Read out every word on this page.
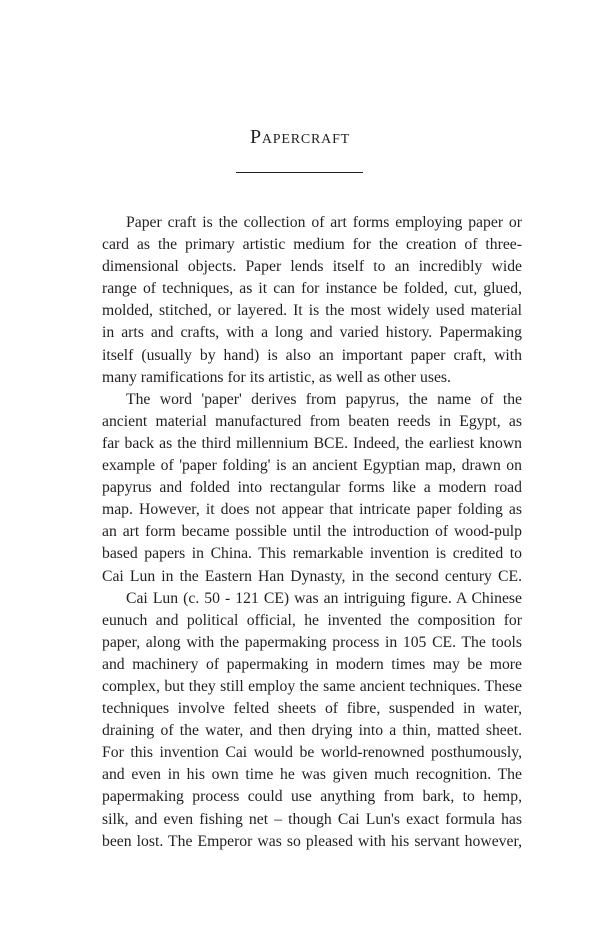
Papercraft
Paper craft is the collection of art forms employing paper or
card as the primary artistic medium for the creation of three-
dimensional objects. Paper lends itself to an incredibly wide
range of techniques, as it can for instance be folded, cut, glued,
molded, stitched, or layered. It is the most widely used material
in arts and crafts, with a long and varied history. Papermaking
itself (usually by hand) is also an important paper craft, with
many ramifications for its artistic, as well as other uses.
The word 'paper' derives from papyrus, the name of the
ancient material manufactured from beaten reeds in Egypt, as
far back as the third millennium BCE. Indeed, the earliest known
example of 'paper folding' is an ancient Egyptian map, drawn on
papyrus and folded into rectangular forms like a modern road
map. However, it does not appear that intricate paper folding as
an art form became possible until the introduction of wood-pulp
based papers in China. This remarkable invention is credited to
Cai Lun in the Eastern Han Dynasty, in the second century CE.
Cai Lun (c. 50 - 121 CE) was an intriguing figure. A Chinese
eunuch and political official, he invented the composition for
paper, along with the papermaking process in 105 CE. The tools
and machinery of papermaking in modern times may be more
complex, but they still employ the same ancient techniques. These
techniques involve felted sheets of fibre, suspended in water,
draining of the water, and then drying into a thin, matted sheet.
For this invention Cai would be world-renowned posthumously,
and even in his own time he was given much recognition. The
papermaking process could use anything from bark, to hemp,
silk, and even fishing net – though Cai Lun's exact formula has
been lost. The Emperor was so pleased with his servant however,
